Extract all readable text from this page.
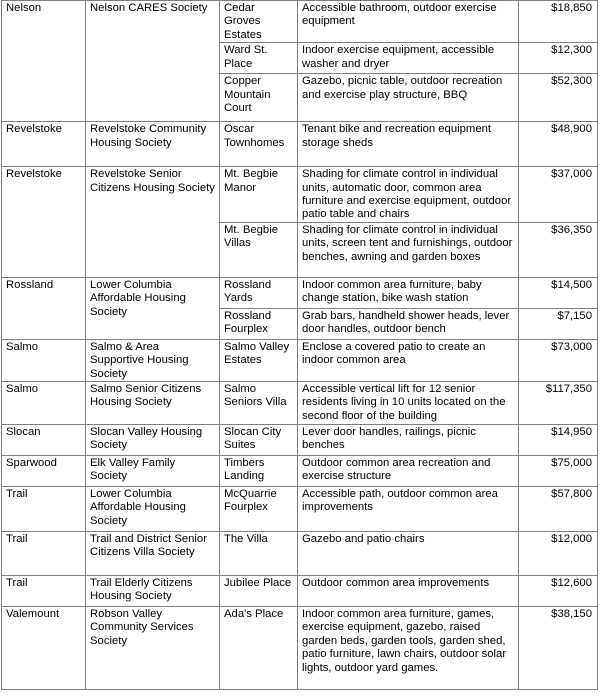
Nelson	Nelson CARES Society	Cedar Groves Estates	Accessible bathroom, outdoor exercise equipment	$18,850
		Ward St. Place	Indoor exercise equipment, accessible washer and dryer	$12,300
		Copper Mountain Court	Gazebo, picnic table, outdoor recreation and exercise play structure, BBQ	$52,300
Revelstoke	Revelstoke Community Housing Society	Oscar Townhomes	Tenant bike and recreation equipment storage sheds	$48,900
Revelstoke	Revelstoke Senior Citizens Housing Society	Mt. Begbie Manor	Shading for climate control in individual units, automatic door, common area furniture and exercise equipment, outdoor patio table and chairs	$37,000
		Mt. Begbie Villas	Shading for climate control in individual units, screen tent and furnishings, outdoor benches, awning and garden boxes	$36,350
Rossland	Lower Columbia Affordable Housing Society	Rossland Yards	Indoor common area furniture, baby change station, bike wash station	$14,500
		Rossland Fourplex	Grab bars, handheld shower heads, lever door handles, outdoor bench	$7,150
Salmo	Salmo & Area Supportive Housing Society	Salmo Valley Estates	Enclose a covered patio to create an indoor common area	$73,000
Salmo	Salmo Senior Citizens Housing Society	Salmo Seniors Villa	Accessible vertical lift for 12 senior residents living in 10 units located on the second floor of the building	$117,350
Slocan	Slocan Valley Housing Society	Slocan City Suites	Lever door handles, railings, picnic benches	$14,950
Sparwood	Elk Valley Family Society	Timbers Landing	Outdoor common area recreation and exercise structure	$75,000
Trail	Lower Columbia Affordable Housing Society	McQuarrie Fourplex	Accessible path, outdoor common area improvements	$57,800
Trail	Trail and District Senior Citizens Villa Society	The Villa	Gazebo and patio chairs	$12,000
Trail	Trail Elderly Citizens Housing Society	Jubilee Place	Outdoor common area improvements	$12,600
Valemount	Robson Valley Community Services Society	Ada's Place	Indoor common area furniture, games, exercise equipment, gazebo, raised garden beds, garden tools, garden shed, patio furniture, lawn chairs, outdoor solar lights, outdoor yard games.	$38,150
